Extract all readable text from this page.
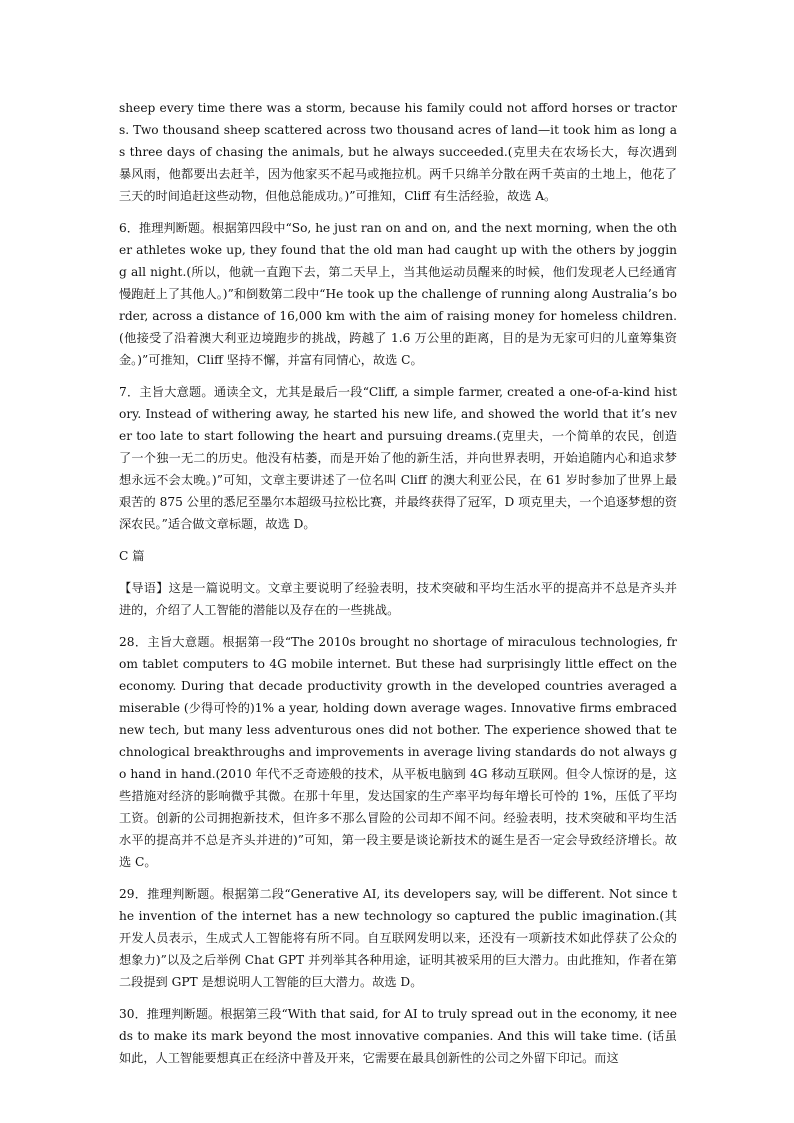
sheep every time there was a storm, because his family could not afford horses or tractors. Two thousand sheep scattered across two thousand acres of land—it took him as long as three days of chasing the animals, but he always succeeded.(克里夫在农场长大，每次遇到暴风雨，他都要出去赶羊，因为他家买不起马或拖拉机。两千只绵羊分散在两千英亩的土地上，他花了三天的时间追赶这些动物，但他总能成功。)”可推知，Cliff 有生活经验，故选 A。

6．推理判断题。根据第四段中“So, he just ran on and on, and the next morning, when the other athletes woke up, they found that the old man had caught up with the others by jogging all night.(所以，他就一直跑下去，第二天早上，当其他运动员醒来的时候，他们发现老人已经通宵慢跑赶上了其他人。)”和倒数第二段中“He took up the challenge of running along Australia’s border, across a distance of 16,000 km with the aim of raising money for homeless children.(他接受了沿着澳大利亚边境跑步的挑战，跨越了 1.6 万公里的距离，目的是为无家可归的儿童筹集资金。)”可推知，Cliff 坚持不懈，并富有同情心，故选 C。

7．主旨大意题。通读全文，尤其是最后一段“Cliff, a simple farmer, created a one-of-a-kind history. Instead of withering away, he started his new life, and showed the world that it’s never too late to start following the heart and pursuing dreams.(克里夫，一个简单的农民，创造了一个独一无二的历史。他没有枯萎，而是开始了他的新生活，并向世界表明，开始追随内心和追求梦想永远不会太晚。)”可知，文章主要讲述了一位名叫 Cliff 的澳大利亚公民，在 61 岁时参加了世界上最艰苦的 875 公里的悉尼至墨尔本超级马拉松比赛，并最终获得了冠军，D 项克里夫，一个追逐梦想的资深农民。”适合做文章标题，故选 D。

C 篇

【导语】这是一篇说明文。文章主要说明了经验表明，技术突破和平均生活水平的提高并不总是齐头并进的，介绍了人工智能的潜能以及存在的一些挑战。

28．主旨大意题。根据第一段“The 2010s brought no shortage of miraculous technologies, from tablet computers to 4G mobile internet. But these had surprisingly little effect on the economy. During that decade productivity growth in the developed countries averaged a miserable (少得可怜的)1% a year, holding down average wages. Innovative firms embraced new tech, but many less adventurous ones did not bother. The experience showed that technological breakthroughs and improvements in average living standards do not always go hand in hand.(2010 年代不乏奇迹般的技术，从平板电脑到 4G 移动互联网。但令人惊讶的是，这些措施对经济的影响微乎其微。在那十年里，发达国家的生产率平均每年增长可怜的 1%，压低了平均工资。创新的公司拥抱新技术，但许多不那么冒险的公司却不闻不问。经验表明，技术突破和平均生活水平的提高并不总是齐头并进的)”可知，第一段主要是谈论新技术的诞生是否一定会导致经济增长。故选 C。

29．推理判断题。根据第二段“Generative AI, its developers say, will be different. Not since the invention of the internet has a new technology so captured the public imagination.(其开发人员表示，生成式人工智能将有所不同。自互联网发明以来，还没有一项新技术如此俘获了公众的想象力)”以及之后举例 Chat GPT 并列举其各种用途，证明其被采用的巨大潜力。由此推知，作者在第二段提到 GPT 是想说明人工智能的巨大潜力。故选 D。

30．推理判断题。根据第三段“With that said, for AI to truly spread out in the economy, it needs to make its mark beyond the most innovative companies. And this will take time. (话虽如此，人工智能要想真正在经济中普及开来，它需要在最具创新性的公司之外留下印记。而这
